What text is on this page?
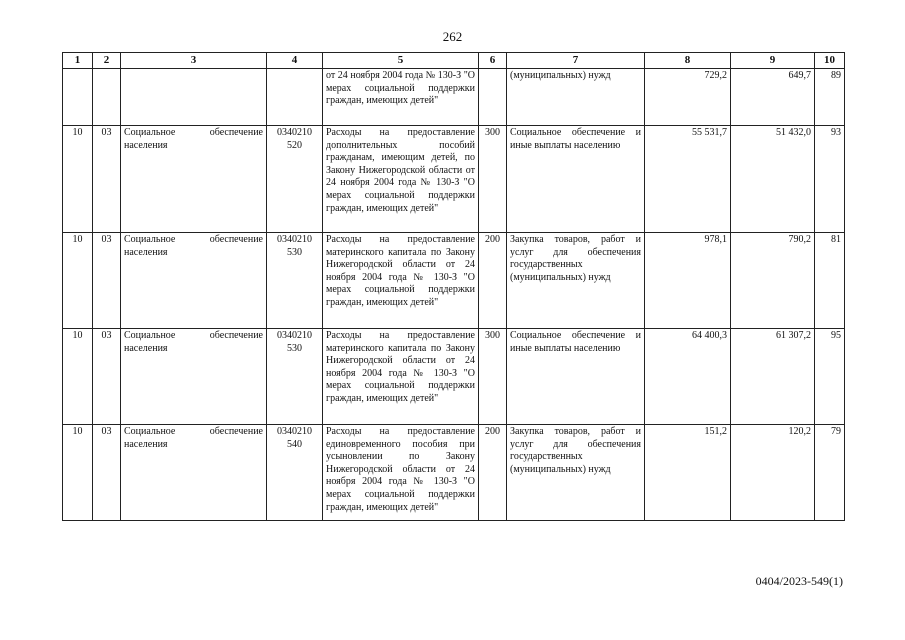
262
1	2	3	4	5	6	7	8	9	10
				от 24 ноября 2004 года № 130-З "О мерах социальной поддержки граждан, имеющих детей"		(муниципальных) нужд	729,2	649,7	89
10	03	Социальное обеспечение населения	0340210 520	Расходы на предоставление дополнительных пособий гражданам, имеющим детей, по Закону Нижегородской области от 24 ноября 2004 года № 130-З "О мерах социальной поддержки граждан, имеющих детей"	300	Социальное обеспечение и иные выплаты населению	55 531,7	51 432,0	93
10	03	Социальное обеспечение населения	0340210 530	Расходы на предоставление материнского капитала по Закону Нижегородской области от 24 ноября 2004 года № 130-З "О мерах социальной поддержки граждан, имеющих детей"	200	Закупка товаров, работ и услуг для обеспечения государственных (муниципальных) нужд	978,1	790,2	81
10	03	Социальное обеспечение населения	0340210 530	Расходы на предоставление материнского капитала по Закону Нижегородской области от 24 ноября 2004 года № 130-З "О мерах социальной поддержки граждан, имеющих детей"	300	Социальное обеспечение и иные выплаты населению	64 400,3	61 307,2	95
10	03	Социальное обеспечение населения	0340210 540	Расходы на предоставление единовременного пособия при усыновлении по Закону Нижегородской области от 24 ноября 2004 года № 130-З "О мерах социальной поддержки граждан, имеющих детей"	200	Закупка товаров, работ и услуг для обеспечения государственных (муниципальных) нужд	151,2	120,2	79
0404/2023-549(1)
